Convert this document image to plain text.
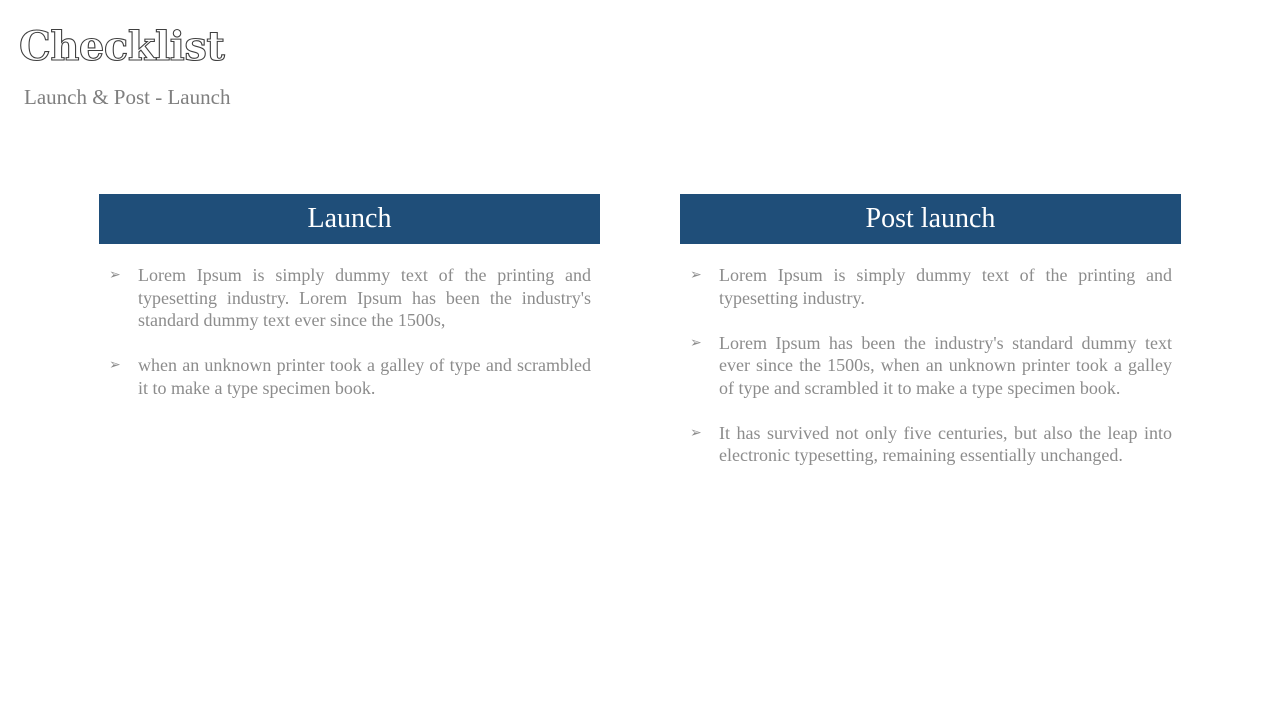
Checklist
Launch & Post - Launch
Launch
➢ Lorem Ipsum is simply dummy text of the printing and typesetting industry. Lorem Ipsum has been the industry's standard dummy text ever since the 1500s,
➢ when an unknown printer took a galley of type and scrambled it to make a type specimen book.
Post launch
➢ Lorem Ipsum is simply dummy text of the printing and typesetting industry.
➢ Lorem Ipsum has been the industry's standard dummy text ever since the 1500s, when an unknown printer took a galley of type and scrambled it to make a type specimen book.
➢ It has survived not only five centuries, but also the leap into electronic typesetting, remaining essentially unchanged.
